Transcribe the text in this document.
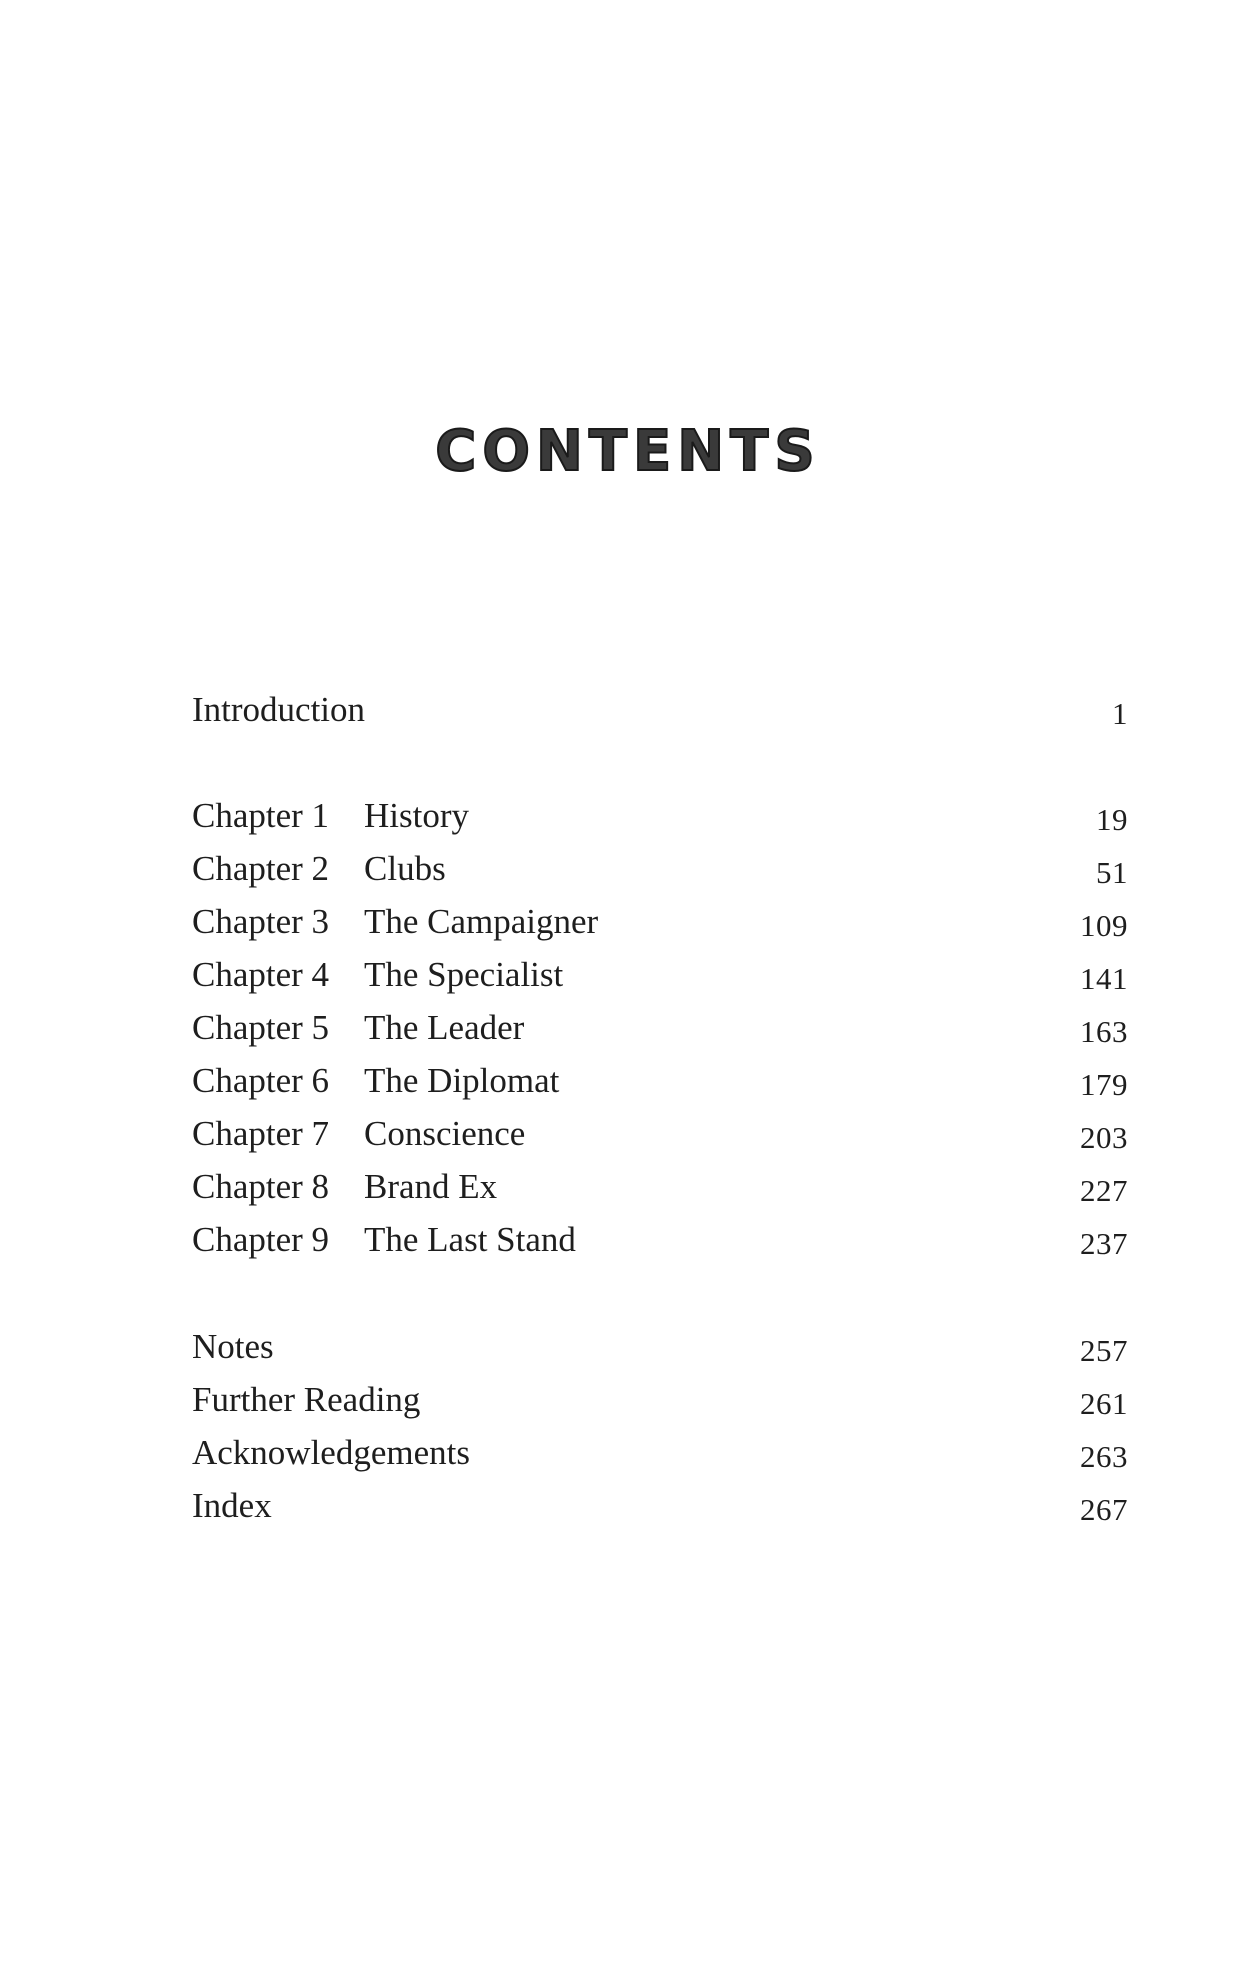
CONTENTS
Introduction	1
Chapter 1 History	19
Chapter 2 Clubs	51
Chapter 3 The Campaigner	109
Chapter 4 The Specialist	141
Chapter 5 The Leader	163
Chapter 6 The Diplomat	179
Chapter 7 Conscience	203
Chapter 8 Brand Ex	227
Chapter 9 The Last Stand	237
Notes	257
Further Reading	261
Acknowledgements	263
Index	267
